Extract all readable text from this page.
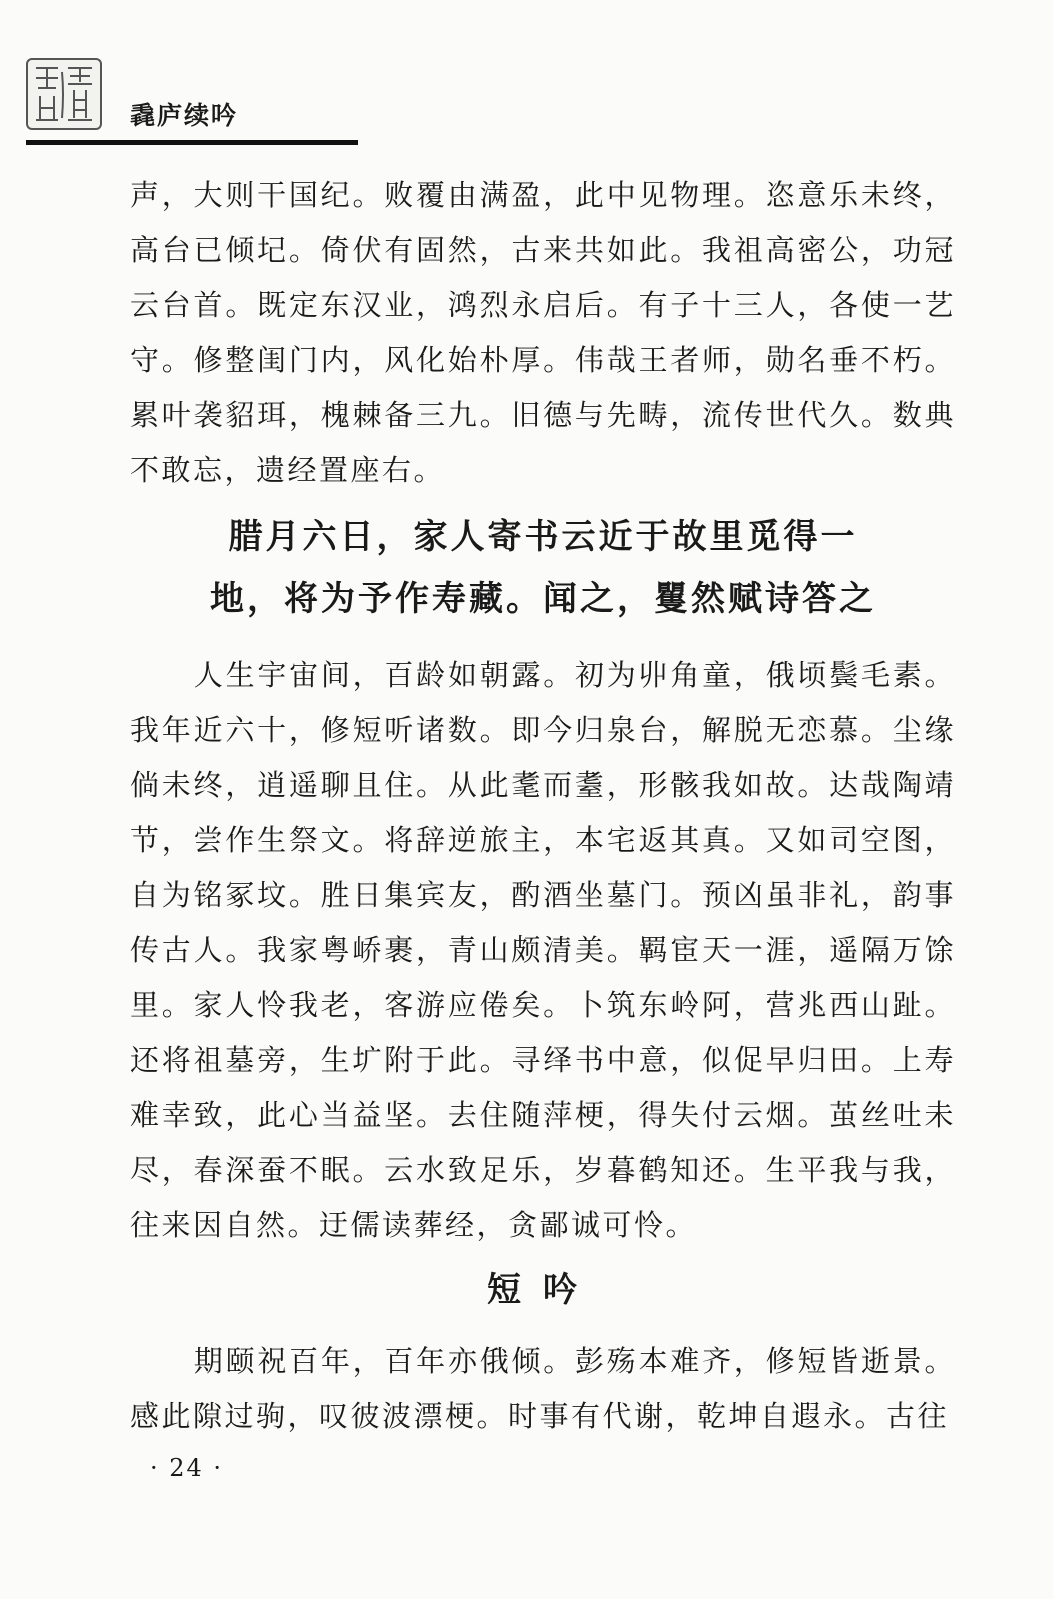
毳庐续吟

声，大则干国纪。败覆由满盈，此中见物理。恣意乐未终，高台已倾圮。倚伏有固然，古来共如此。我祖高密公，功冠云台首。既定东汉业，鸿烈永启后。有子十三人，各使一艺守。修整闺门内，风化始朴厚。伟哉王者师，勋名垂不朽。累叶袭貂珥，槐棘备三九。旧德与先畴，流传世代久。数典不敢忘，遗经置座右。

腊月六日，家人寄书云近于故里觅得一
地，将为予作寿藏。闻之，矍然赋诗答之

人生宇宙间，百龄如朝露。初为丱角童，俄顷鬓毛素。我年近六十，修短听诸数。即今归泉台，解脱无恋慕。尘缘倘未终，逍遥聊且住。从此耄而耋，形骸我如故。达哉陶靖节，尝作生祭文。将辞逆旅主，本宅返其真。又如司空图，自为铭冢坟。胜日集宾友，酌酒坐墓门。预凶虽非礼，韵事传古人。我家粤峤裹，青山颇清美。羁宦天一涯，遥隔万馀里。家人怜我老，客游应倦矣。卜筑东岭阿，营兆西山趾。还将祖墓旁，生圹附于此。寻绎书中意，似促早归田。上寿难幸致，此心当益坚。去住随萍梗，得失付云烟。茧丝吐未尽，春深蚕不眠。云水致足乐，岁暮鹤知还。生平我与我，往来因自然。迂儒读葬经，贪鄙诚可怜。

短吟

期颐祝百年，百年亦俄倾。彭殇本难齐，修短皆逝景。感此隙过驹，叹彼波漂梗。时事有代谢，乾坤自遐永。古往

· 24 ·
